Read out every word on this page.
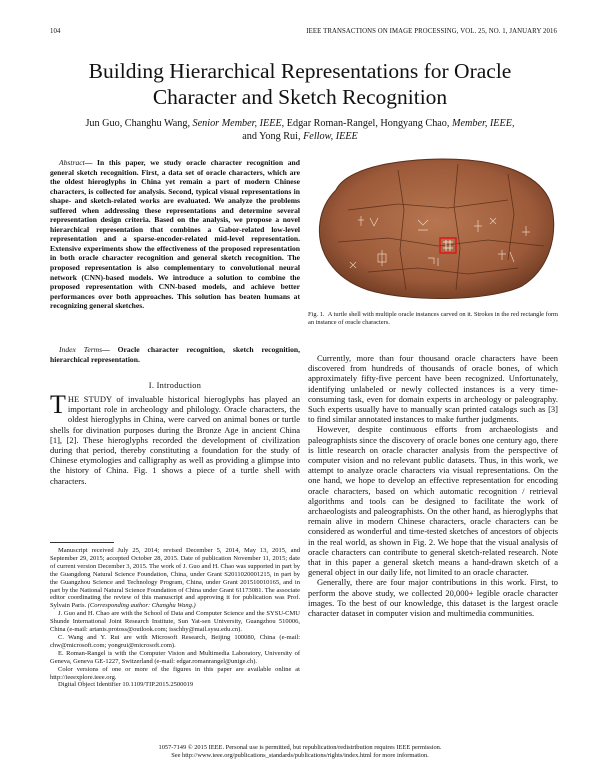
104	IEEE TRANSACTIONS ON IMAGE PROCESSING, VOL. 25, NO. 1, JANUARY 2016
Building Hierarchical Representations for Oracle
Character and Sketch Recognition
Jun Guo, Changhu Wang, Senior Member, IEEE, Edgar Roman-Rangel, Hongyang Chao, Member, IEEE,
and Yong Rui, Fellow, IEEE
Abstract— In this paper, we study oracle character recognition and general sketch recognition. First, a data set of oracle characters, which are the oldest hieroglyphs in China yet remain a part of modern Chinese characters, is collected for analysis. Second, typical visual representations in shape- and sketch-related works are evaluated. We analyze the problems suffered when addressing these representations and determine several representation design criteria. Based on the analysis, we propose a novel hierarchical representation that combines a Gabor-related low-level representation and a sparse-encoder-related mid-level representation. Extensive experiments show the effectiveness of the proposed representation in both oracle character recognition and general sketch recognition. The proposed representation is also complementary to convolutional neural network (CNN)-based models. We introduce a solution to combine the proposed representation with CNN-based models, and achieve better performances over both approaches. This solution has beaten humans at recognizing general sketches.
Index Terms— Oracle character recognition, sketch recognition, hierarchical representation.
I. Introduction

THE STUDY of invaluable historical hieroglyphs has played an important role in archeology and philology. Oracle characters, the oldest hieroglyphs in China, were carved on animal bones or turtle shells for divination purposes during the Bronze Age in ancient China [1], [2]. These hieroglyphs recorded the development of civilization during that period, thereby constituting a foundation for the study of Chinese etymologies and calligraphy as well as providing a glimpse into the history of China. Fig. 1 shows a piece of a turtle shell with characters.

Manuscript received July 25, 2014; revised December 5, 2014, May 13, 2015, and September 29, 2015; accepted October 28, 2015. Date of publication November 11, 2015; date of current version December 3, 2015. The work of J. Guo and H. Chao was supported in part by the Guangdong Natural Science Foundation, China, under Grant S2011020001215, in part by the Guangzhou Science and Technology Program, China, under Grant 201510010165, and in part by the National Natural Science Foundation of China under Grant 61173081. The associate editor coordinating the review of this manuscript and approving it for publication was Prof. Sylvain Paris. (Corresponding author: Changhu Wang.)

J. Guo and H. Chao are with the School of Data and Computer Science and the SYSU-CMU Shunde International Joint Research Institute, Sun Yat-sen University, Guangzhou 510006, China (e-mail: artanis.protoss@outlook.com; isschhy@mail.sysu.edu.cn).

C. Wang and Y. Rui are with Microsoft Research, Beijing 100080, China (e-mail: chw@microsoft.com; yongrui@microsoft.com).

E. Roman-Rangel is with the Computer Vision and Multimedia Laboratory, University of Geneva, Geneva GE-1227, Switzerland (e-mail: edgar.romanrangel@unige.ch).

Color versions of one or more of the figures in this paper are available online at http://ieeexplore.ieee.org.

Digital Object Identifier 10.1109/TIP.2015.2500019

Fig. 1. A turtle shell with multiple oracle instances carved on it. Strokes in the red rectangle form an instance of oracle characters.

Currently, more than four thousand oracle characters have been discovered from hundreds of thousands of oracle bones, of which approximately fifty-five percent have been recognized. Unfortunately, identifying unlabeled or newly collected instances is a very time-consuming task, even for domain experts in archeology or paleography. Such experts usually have to manually scan printed catalogs such as [3] to find similar annotated instances to make further judgments.

However, despite continuous efforts from archaeologists and paleographists since the discovery of oracle bones one century ago, there is little research on oracle character analysis from the perspective of computer vision and no relevant public datasets. Thus, in this work, we attempt to analyze oracle characters via visual representations. On the one hand, we hope to develop an effective representation for encoding oracle characters, based on which automatic recognition / retrieval algorithms and tools can be designed to facilitate the work of archaeologists and paleographists. On the other hand, as hieroglyphs that remain alive in modern Chinese characters, oracle characters can be considered as wonderful and time-tested sketches of ancestors of objects in the real world, as shown in Fig. 2. We hope that the visual analysis of oracle characters can contribute to general sketch-related research. Note that in this paper a general sketch means a hand-drawn sketch of a general object in our daily life, not limited to an oracle character.

Generally, there are four major contributions in this work. First, to perform the above study, we collected 20,000+ legible oracle character images. To the best of our knowledge, this dataset is the largest oracle character dataset in computer vision and multimedia communities.

1057-7149 © 2015 IEEE. Personal use is permitted, but republication/redistribution requires IEEE permission.
See http://www.ieee.org/publications_standards/publications/rights/index.html for more information.
